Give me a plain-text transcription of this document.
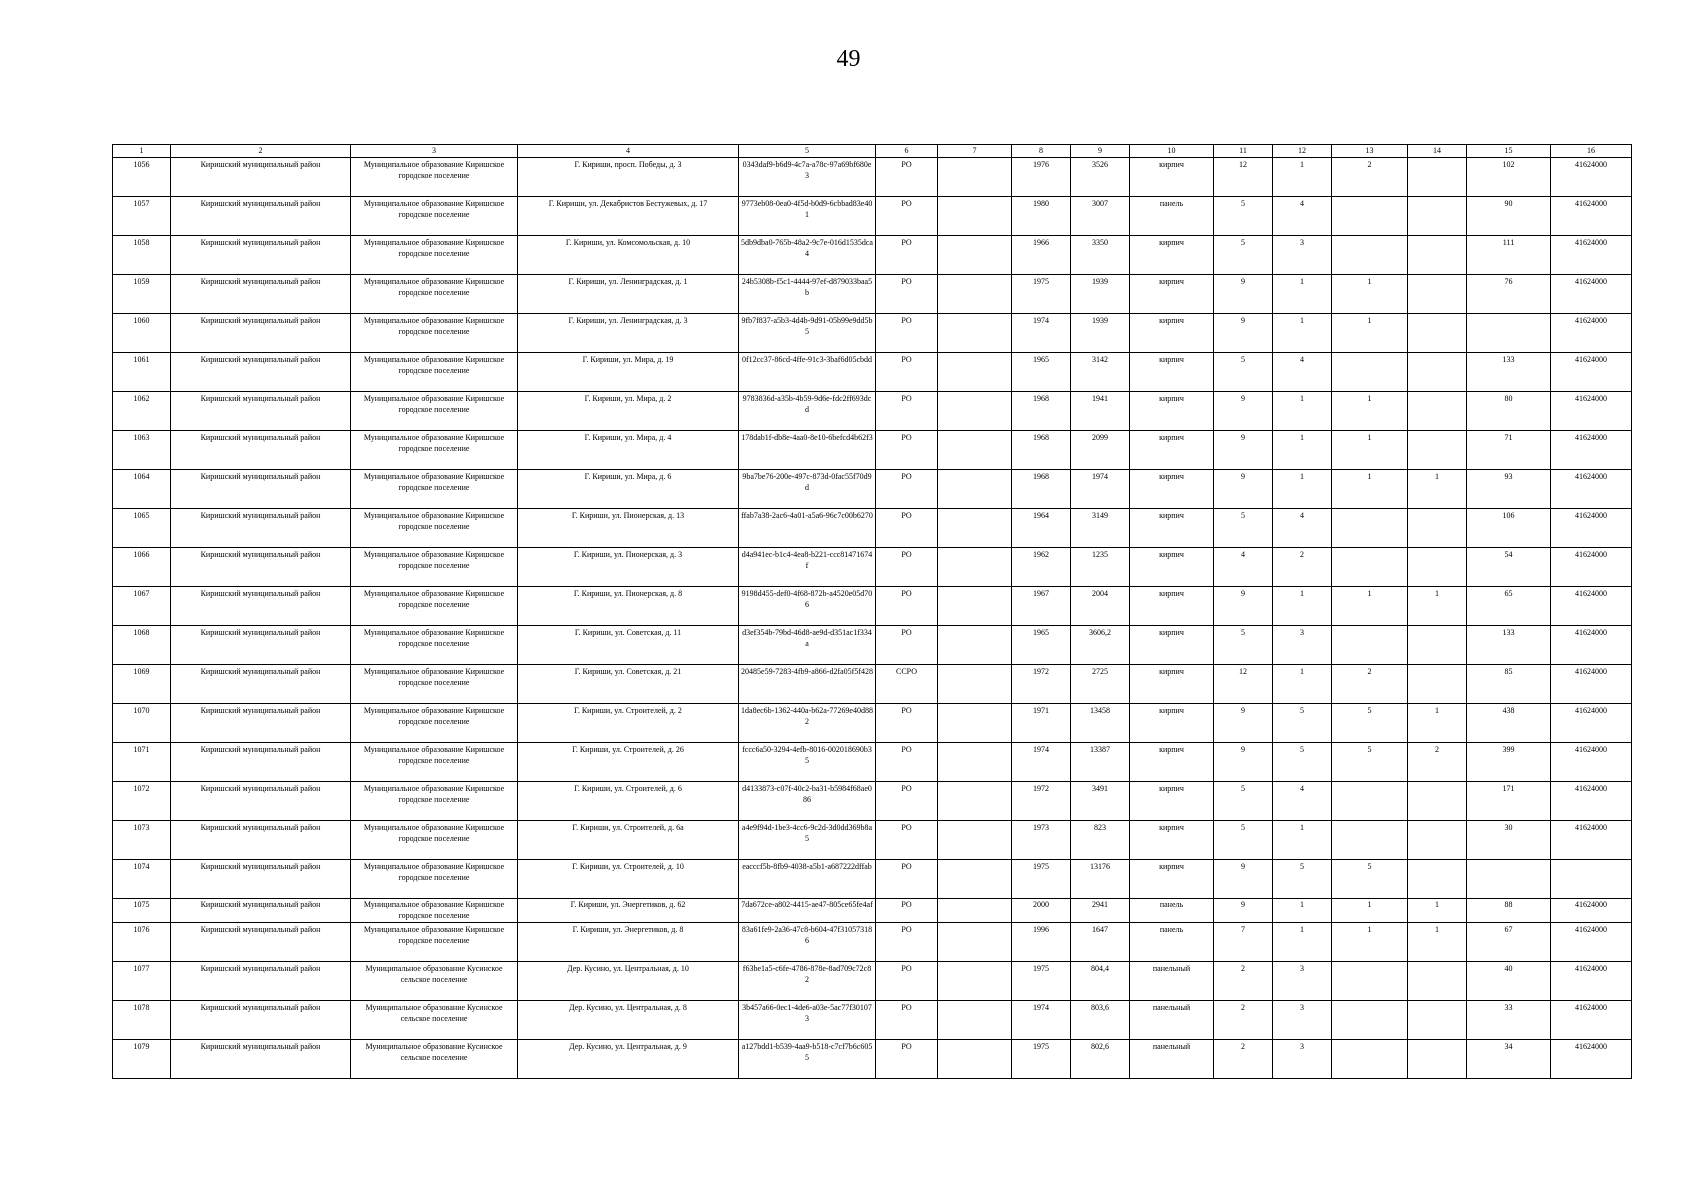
49
1	2	3	4	5	6	7	8	9	10	11	12	13	14	15	16
1056	Киришский муниципальный район	Муниципальное образование Киришское городское поселение	Г. Кириши, просп. Победы, д. 3	0343daf9-b6d9-4c7a-a78c-97a69bf680e3	РО		1976	3526	кирпич	12	1	2		102	41624000
1057	Киришский муниципальный район	Муниципальное образование Киришское городское поселение	Г. Кириши, ул. Декабристов Бестужевых, д. 17	9773eb08-0ea0-4f5d-b0d9-6cbbad83e401	РО		1980	3007	панель	5	4			90	41624000
1058	Киришский муниципальный район	Муниципальное образование Киришское городское поселение	Г. Кириши, ул. Комсомольская, д. 10	5db9dba0-765b-48a2-9c7e-016d1535dca4	РО		1966	3350	кирпич	5	3			111	41624000
1059	Киришский муниципальный район	Муниципальное образование Киришское городское поселение	Г. Кириши, ул. Ленинградская, д. 1	24b5308b-f5c1-4444-97ef-d879033baa5b	РО		1975	1939	кирпич	9	1	1		76	41624000
1060	Киришский муниципальный район	Муниципальное образование Киришское городское поселение	Г. Кириши, ул. Ленинградская, д. 3	9fb7f837-a5b3-4d4b-9d91-05b99e9dd5b5	РО		1974	1939	кирпич	9	1	1			41624000
1061	Киришский муниципальный район	Муниципальное образование Киришское городское поселение	Г. Кириши, ул. Мира, д. 19	0f12cc37-86cd-4ffe-91c3-3baf6d05cbdd	РО		1965	3142	кирпич	5	4			133	41624000
1062	Киришский муниципальный район	Муниципальное образование Киришское городское поселение	Г. Кириши, ул. Мира, д. 2	9783836d-a35b-4b59-9d6e-fdc2ff693dcd	РО		1968	1941	кирпич	9	1	1		80	41624000
1063	Киришский муниципальный район	Муниципальное образование Киришское городское поселение	Г. Кириши, ул. Мира, д. 4	178dab1f-db8e-4aa0-8e10-6befcd4b62f3	РО		1968	2099	кирпич	9	1	1		71	41624000
1064	Киришский муниципальный район	Муниципальное образование Киришское городское поселение	Г. Кириши, ул. Мира, д. 6	9ba7be76-200e-497c-873d-0fac55f70d9d	РО		1968	1974	кирпич	9	1	1	1	93	41624000
1065	Киришский муниципальный район	Муниципальное образование Киришское городское поселение	Г. Кириши, ул. Пионерская, д. 13	ffab7a38-2ac6-4a01-a5a6-96c7c00b6270	РО		1964	3149	кирпич	5	4			106	41624000
1066	Киришский муниципальный район	Муниципальное образование Киришское городское поселение	Г. Кириши, ул. Пионерская, д. 3	d4a941ec-b1c4-4ea8-b221-ccc81471674f	РО		1962	1235	кирпич	4	2			54	41624000
1067	Киришский муниципальный район	Муниципальное образование Киришское городское поселение	Г. Кириши, ул. Пионерская, д. 8	9198d455-def0-4f68-872b-a4520e05d706	РО		1967	2004	кирпич	9	1	1	1	65	41624000
1068	Киришский муниципальный район	Муниципальное образование Киришское городское поселение	Г. Кириши, ул. Советская, д. 11	d3ef354b-79bd-46d8-ae9d-d351ac1f334a	РО		1965	3606,2	кирпич	5	3			133	41624000
1069	Киришский муниципальный район	Муниципальное образование Киришское городское поселение	Г. Кириши, ул. Советская, д. 21	20485e59-7283-4fb9-a866-d2fa05f5f428	ССРО		1972	2725	кирпич	12	1	2		85	41624000
1070	Киришский муниципальный район	Муниципальное образование Киришское городское поселение	Г. Кириши, ул. Строителей, д. 2	1da8ec6b-1362-440a-b62a-77269e40d882	РО		1971	13458	кирпич	9	5	5	1	438	41624000
1071	Киришский муниципальный район	Муниципальное образование Киришское городское поселение	Г. Кириши, ул. Строителей, д. 26	fccc6a50-3294-4efb-8016-002018690b35	РО		1974	13387	кирпич	9	5	5	2	399	41624000
1072	Киришский муниципальный район	Муниципальное образование Киришское городское поселение	Г. Кириши, ул. Строителей, д. 6	d4133873-c07f-40c2-ba31-b5984f68ae086	РО		1972	3491	кирпич	5	4			171	41624000
1073	Киришский муниципальный район	Муниципальное образование Киришское городское поселение	Г. Кириши, ул. Строителей, д. 6а	a4e9f94d-1be3-4cc6-9c2d-3d0dd369b8a5	РО		1973	823	кирпич	5	1			30	41624000
1074	Киришский муниципальный район	Муниципальное образование Киришское городское поселение	Г. Кириши, ул. Строителей, д. 10	eacccf5b-8fb9-4038-a5b1-a687222dffab	РО		1975	13176	кирпич	9	5	5			
1075	Киришский муниципальный район	Муниципальное образование Киришское городское поселение	Г. Кириши, ул. Энергетиков, д. 62	7da672ce-a802-4415-ae47-805ce65fe4af	РО		2000	2941	панель	9	1	1	1	88	41624000
1076	Киришский муниципальный район	Муниципальное образование Киришское городское поселение	Г. Кириши, ул. Энергетиков, д. 8	83a61fe9-2a36-47c8-b604-47f310573186	РО		1996	1647	панель	7	1	1	1	67	41624000
1077	Киришский муниципальный район	Муниципальное образование Кусинское сельское поселение	Дер. Кусино, ул. Центральная, д. 10	f63be1a5-c6fe-4786-878e-8ad709c72c82	РО		1975	804,4	панельный	2	3			40	41624000
1078	Киришский муниципальный район	Муниципальное образование Кусинское сельское поселение	Дер. Кусино, ул. Центральная, д. 8	3b457a66-0ec1-4de6-a03e-5ac77f301073	РО		1974	803,6	панельный	2	3			33	41624000
1079	Киришский муниципальный район	Муниципальное образование Кусинское сельское поселение	Дер. Кусино, ул. Центральная, д. 9	a127bdd1-b539-4aa9-b518-c7cf7b6c6055	РО		1975	802,6	панельный	2	3			34	41624000
